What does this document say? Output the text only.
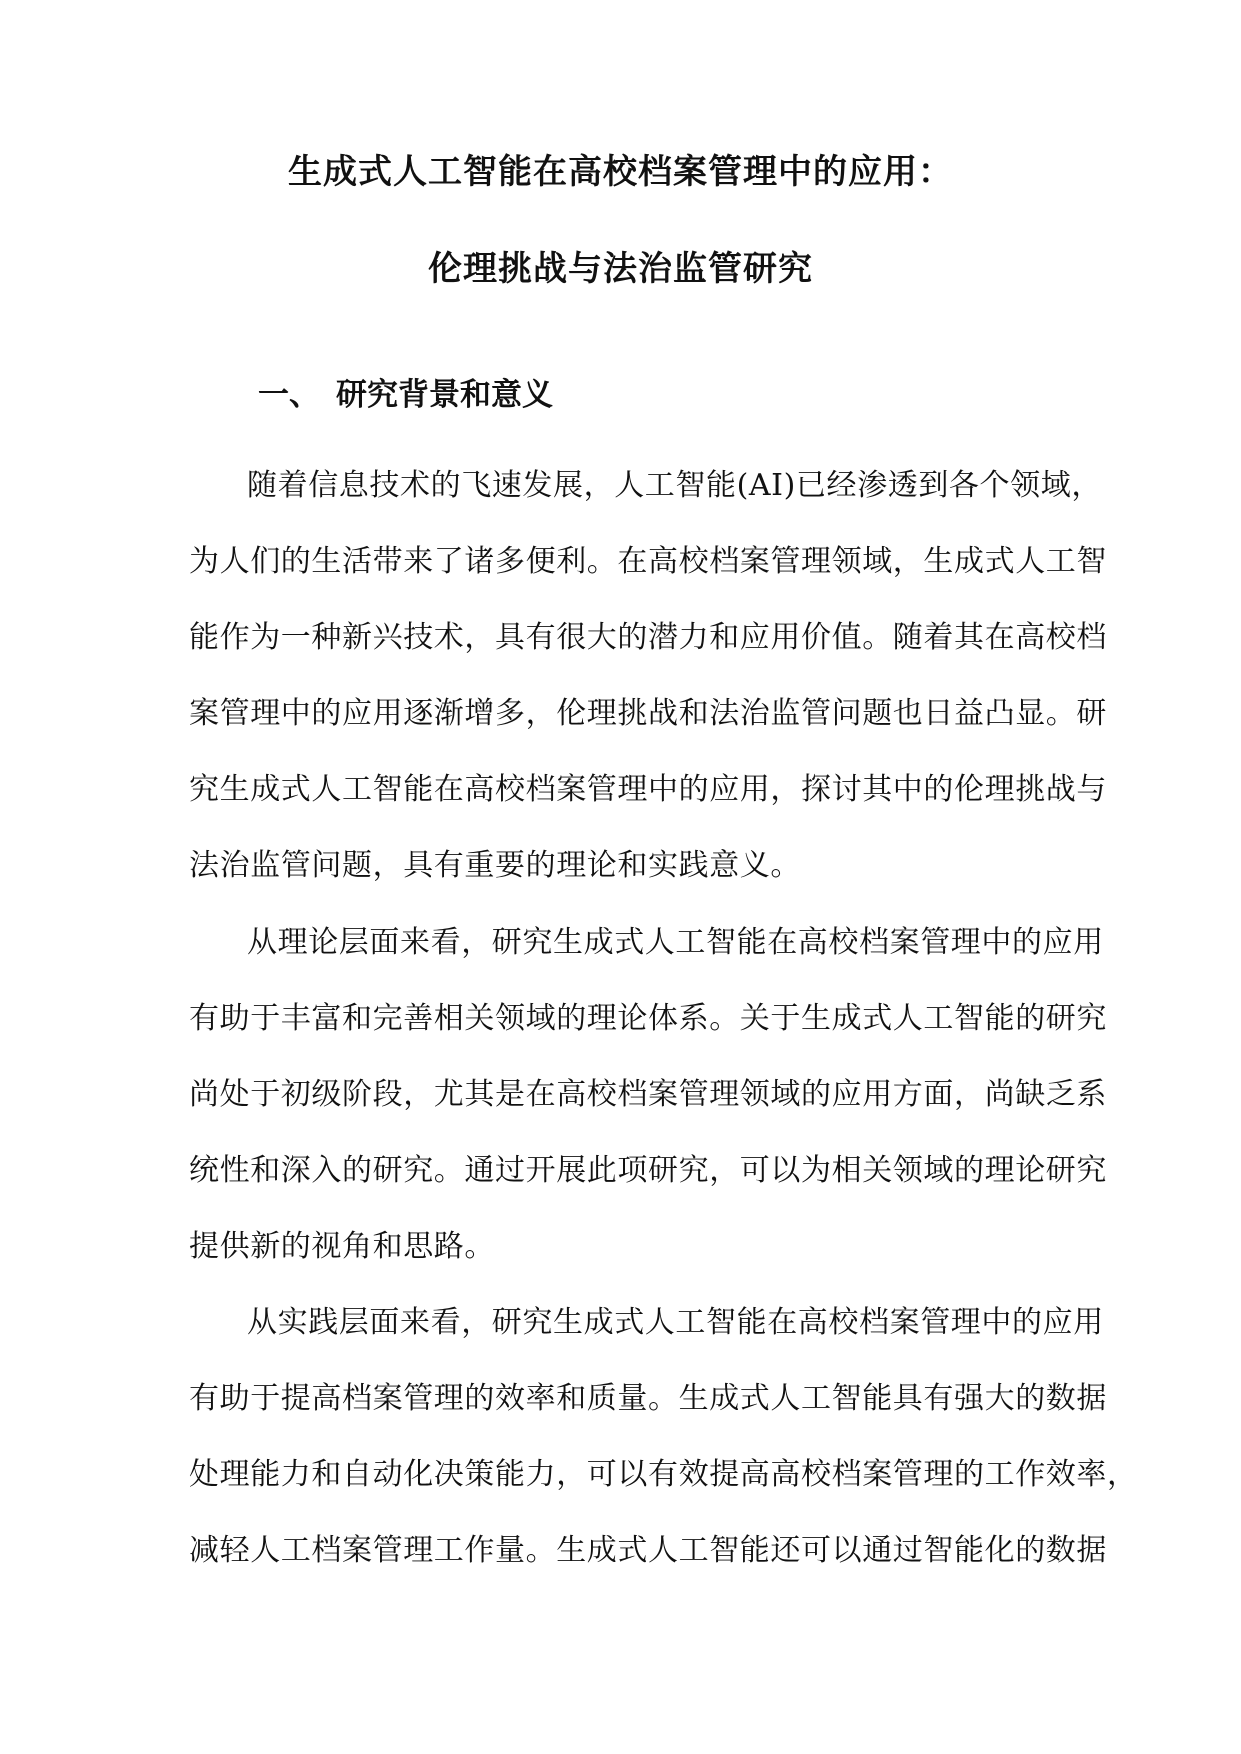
生成式人工智能在高校档案管理中的应用：
伦理挑战与法治监管研究
一、 研究背景和意义
随着信息技术的飞速发展，人工智能(AI)已经渗透到各个领域，
为人们的生活带来了诸多便利。在高校档案管理领域，生成式人工智
能作为一种新兴技术，具有很大的潜力和应用价值。随着其在高校档
案管理中的应用逐渐增多，伦理挑战和法治监管问题也日益凸显。研
究生成式人工智能在高校档案管理中的应用，探讨其中的伦理挑战与
法治监管问题，具有重要的理论和实践意义。
从理论层面来看，研究生成式人工智能在高校档案管理中的应用
有助于丰富和完善相关领域的理论体系。关于生成式人工智能的研究
尚处于初级阶段，尤其是在高校档案管理领域的应用方面，尚缺乏系
统性和深入的研究。通过开展此项研究，可以为相关领域的理论研究
提供新的视角和思路。
从实践层面来看，研究生成式人工智能在高校档案管理中的应用
有助于提高档案管理的效率和质量。生成式人工智能具有强大的数据
处理能力和自动化决策能力，可以有效提高高校档案管理的工作效率，
减轻人工档案管理工作量。生成式人工智能还可以通过智能化的数据
